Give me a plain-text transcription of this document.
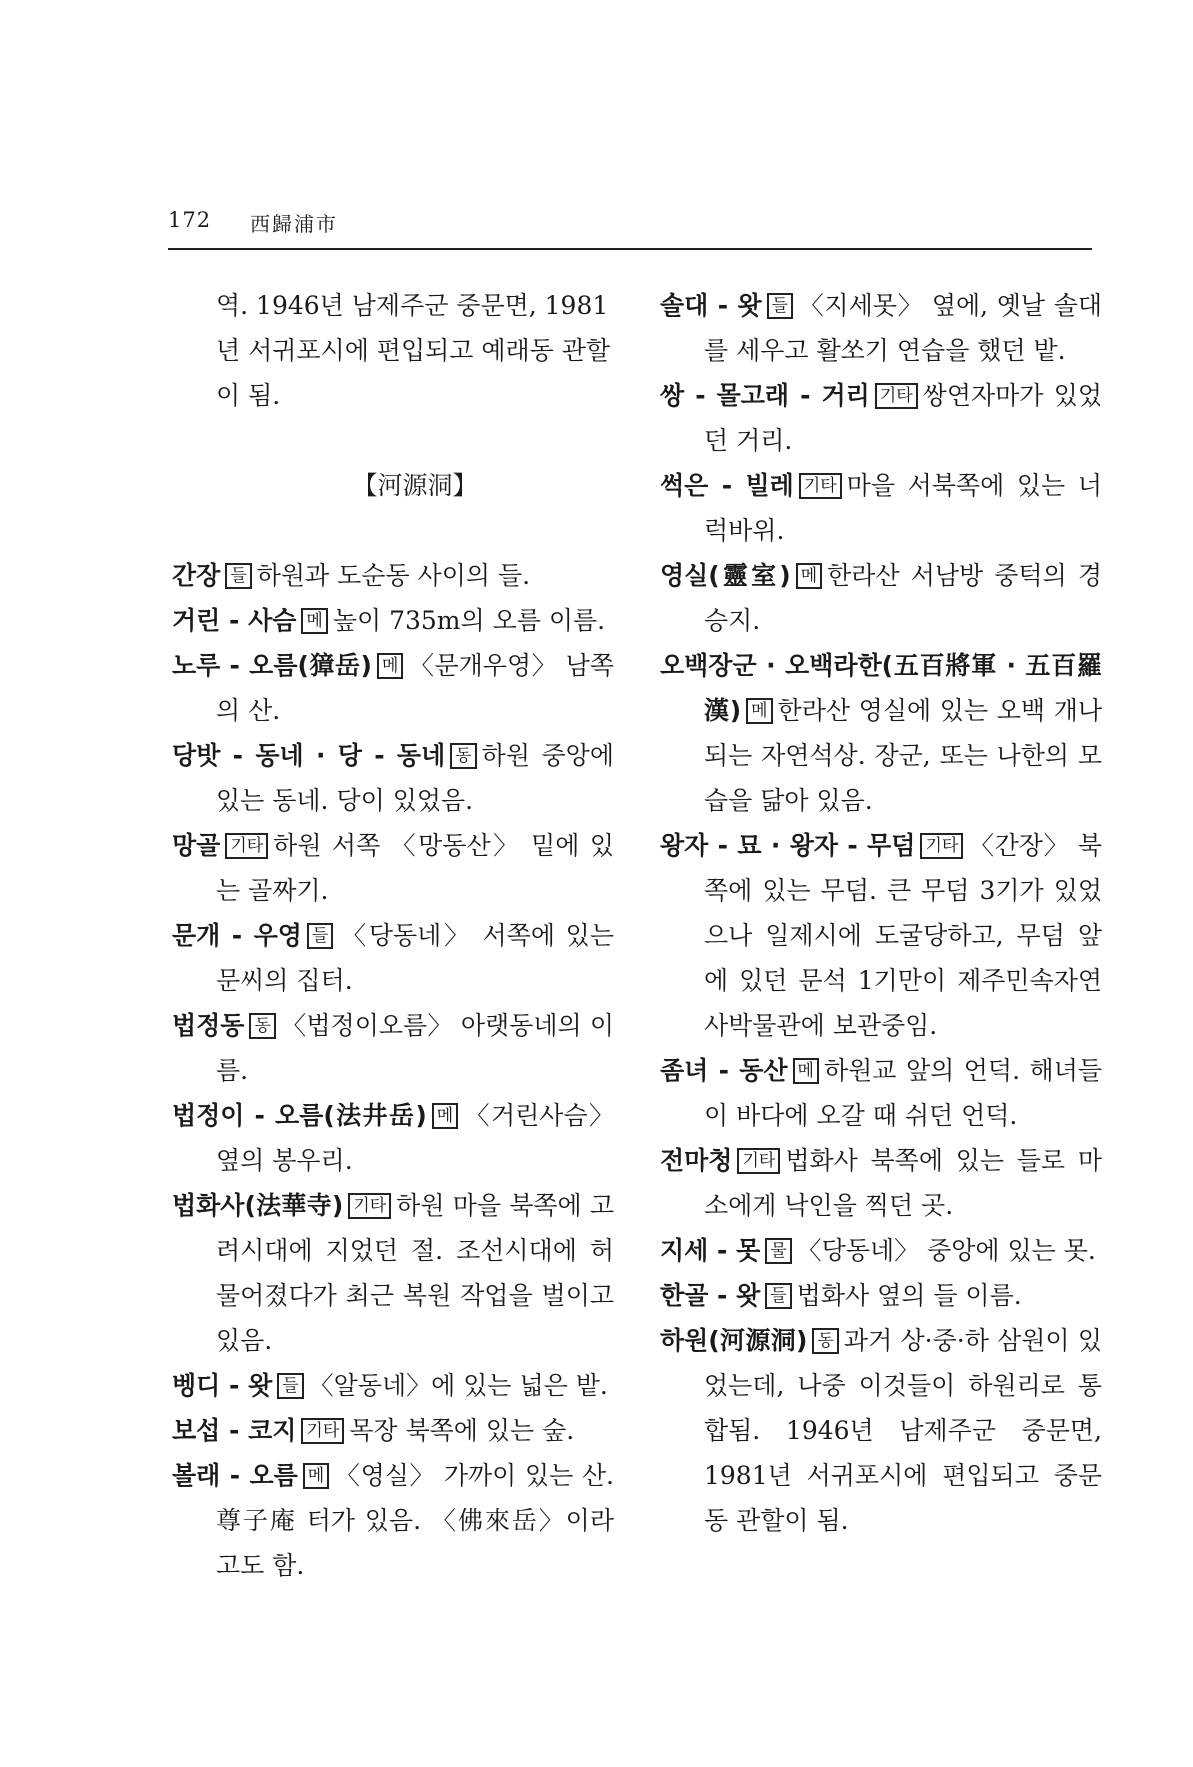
172 西歸浦市
역. 1946년 남제주군 중문면, 1981년 서귀포시에 편입되고 예래동 관할이 됨.
【河源洞】
간장 들 하원과 도순동 사이의 들.
거린 - 사슴 메 높이 735m의 오름 이름.
노루 - 오름(獐岳) 메 〈문개우영〉 남쪽의 산.
당밧 - 동네 · 당 - 동네 동 하원 중앙에 있는 동네. 당이 있었음.
망골 기타 하원 서쪽 〈망동산〉 밑에 있는 골짜기.
문개 - 우영 들 〈당동네〉 서쪽에 있는 문씨의 집터.
법정동 동 〈법정이오름〉 아랫동네의 이름.
법정이 - 오름(法井岳) 메 〈거린사슴〉 옆의 봉우리.
법화사(法華寺) 기타 하원 마을 북쪽에 고려시대에 지었던 절. 조선시대에 허물어졌다가 최근 복원 작업을 벌이고 있음.
벵디 - 왓 들 〈알동네〉에 있는 넓은 밭.
보섭 - 코지 기타 목장 북쪽에 있는 숲.
볼래 - 오름 메 〈영실〉 가까이 있는 산. 尊子庵 터가 있음. 〈佛來岳〉이라고도 함.
솔대 - 왓 들 〈지세못〉 옆에, 옛날 솔대를 세우고 활쏘기 연습을 했던 밭.
쌍 - 몰고래 - 거리 기타 쌍연자마가 있었던 거리.
썩은 - 빌레 기타 마을 서북쪽에 있는 너럭바위.
영실(靈室) 메 한라산 서남방 중턱의 경승지.
오백장군 · 오백라한(五百將軍 · 五百羅漢) 메 한라산 영실에 있는 오백 개나 되는 자연석상. 장군, 또는 나한의 모습을 닮아 있음.
왕자 - 묘 · 왕자 - 무덤 기타 〈간장〉 북쪽에 있는 무덤. 큰 무덤 3기가 있었으나 일제시에 도굴당하고, 무덤 앞에 있던 문석 1기만이 제주민속자연사박물관에 보관중임.
좀녀 - 동산 메 하원교 앞의 언덕. 해녀들이 바다에 오갈 때 쉬던 언덕.
전마청 기타 법화사 북쪽에 있는 들로 마소에게 낙인을 찍던 곳.
지세 - 못 물 〈당동네〉 중앙에 있는 못.
한골 - 왓 들 법화사 옆의 들 이름.
하원(河源洞) 동 과거 상·중·하 삼원이 있었는데, 나중 이것들이 하원리로 통합됨. 1946년 남제주군 중문면, 1981년 서귀포시에 편입되고 중문동 관할이 됨.
